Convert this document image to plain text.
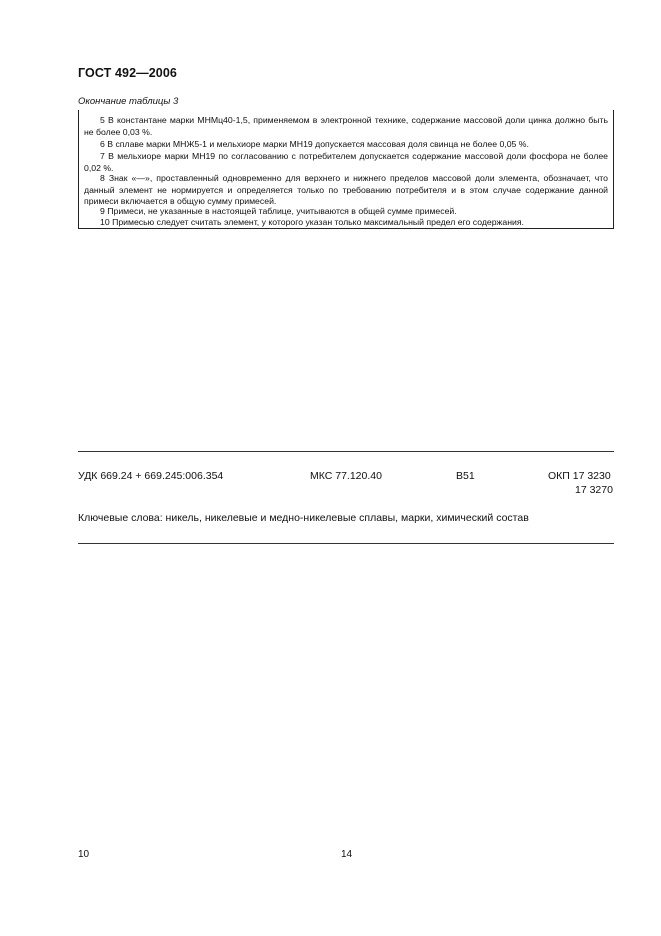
ГОСТ 492—2006
Окончание таблицы 3
5 В константане марки МНМц40-1,5, применяемом в электронной технике, содержание массовой доли цинка должно быть не более 0,03 %.
6 В сплаве марки МНЖ5-1 и мельхиоре марки МН19 допускается массовая доля свинца не более 0,05 %.
7 В мельхиоре марки МН19 по согласованию с потребителем допускается содержание массовой доли фосфора не более 0,02 %.
8 Знак «—», проставленный одновременно для верхнего и нижнего пределов массовой доли элемента, обозначает, что данный элемент не нормируется и определяется только по требованию потребителя и в этом случае содержание данной примеси включается в общую сумму примесей.
9 Примеси, не указанные в настоящей таблице, учитываются в общей сумме примесей.
10 Примесью следует считать элемент, у которого указан только максимальный предел его содержания.
УДК 669.24 + 669.245:006.354	МКС 77.120.40	В51	ОКП 17 3230
17 3270
Ключевые слова: никель, никелевые и медно-никелевые сплавы, марки, химический состав
10	14
